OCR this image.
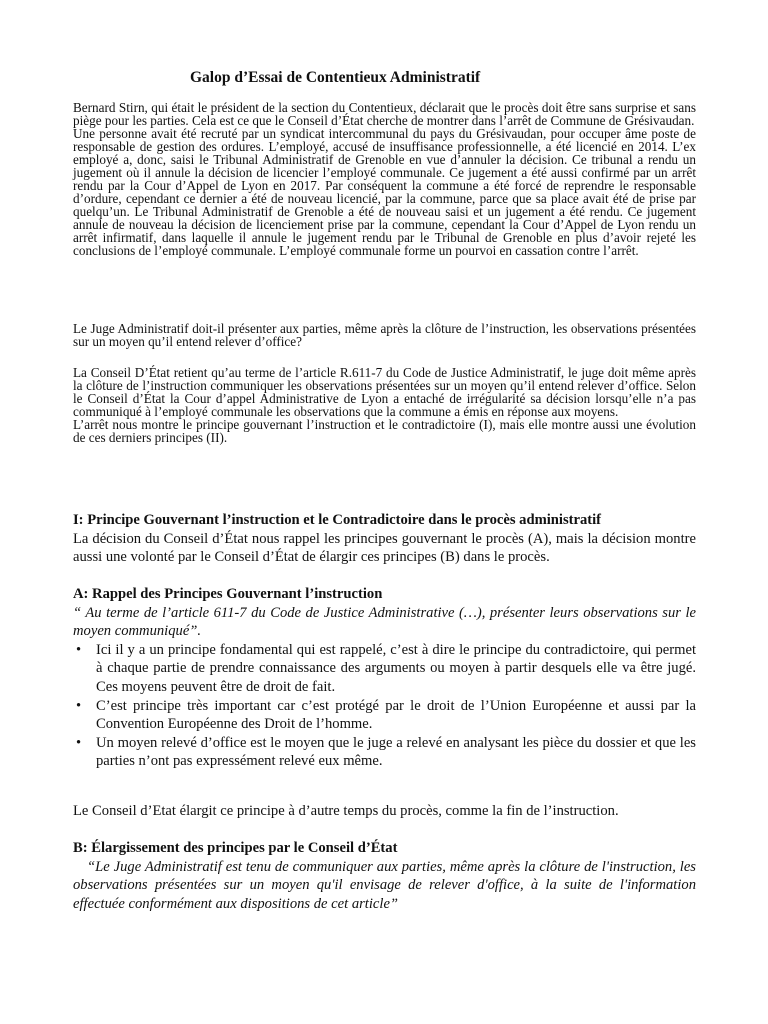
Galop d’Essai de Contentieux Administratif

Bernard Stirn, qui était le président de la section du Contentieux, déclarait que le procès doit être sans surprise et sans piège pour les parties. Cela est ce que le Conseil d’État cherche de montrer dans l’arrêt de Commune de Grésivaudan.

Une personne avait été recruté par un syndicat intercommunal du pays du Grésivaudan, pour occuper âme poste de responsable de gestion des ordures. L’employé, accusé de insuffisance professionnelle, a été licencié en 2014. L’ex employé a, donc, saisi le Tribunal Administratif de Grenoble en vue d’annuler la décision. Ce tribunal a rendu un jugement où il annule la décision de licencier l’employé communale. Ce jugement a été aussi confirmé par un arrêt rendu par la Cour d’Appel de Lyon en 2017. Par conséquent la commune a été forcé de reprendre le responsable d’ordure, cependant ce dernier a été de nouveau licencié, par la commune, parce que sa place avait été de prise par quelqu’un. Le Tribunal Administratif de Grenoble a été de nouveau saisi et un jugement a été rendu. Ce jugement annule de nouveau la décision de licenciement prise par la commune, cependant la Cour d’Appel de Lyon rendu un arrêt infirmatif, dans laquelle il annule le jugement rendu par le Tribunal de Grenoble en plus d’avoir rejeté les conclusions de l’employé communale. L’employé communale forme un pourvoi en cassation contre l’arrêt.

Le Juge Administratif doit-il présenter aux parties, même après la clôture de l’instruction, les observations présentées sur un moyen qu’il entend relever d’office?

La Conseil D’État retient qu’au terme de l’article R.611-7 du Code de Justice Administratif, le juge doit même après la clôture de l’instruction communiquer les observations présentées sur un moyen qu’il entend relever d’office. Selon le Conseil d’État la Cour d’appel Administrative de Lyon a entaché de irrégularité sa décision lorsqu’elle n’a pas communiqué à l’employé communale les observations que la commune a émis en réponse aux moyens.

L’arrêt nous montre le principe gouvernant l’instruction et le contradictoire (I), mais elle montre aussi une évolution de ces derniers principes (II).

I: Principe Gouvernant l’instruction et le Contradictoire dans le procès administratif

La décision du Conseil d’État nous rappel les principes gouvernant le procès (A), mais la décision montre aussi une volonté par le Conseil d’État de élargir ces principes (B) dans le procès.

A: Rappel des Principes Gouvernant l’instruction

“ Au terme de l’article 611-7 du Code de Justice Administrative (…), présenter leurs observations sur le moyen communiqué”.

• Ici il y a un principe fondamental qui est rappelé, c’est à dire le principe du contradictoire, qui permet à chaque partie de prendre connaissance des arguments ou moyen à partir desquels elle va être jugé. Ces moyens peuvent être de droit de fait.
• C’est principe très important car c’est protégé par le droit de l’Union Européenne et aussi par la Convention Européenne des Droit de l’homme.
• Un moyen relevé d’office est le moyen que le juge a relevé en analysant les pièce du dossier et que les parties n’ont pas expressément relevé eux même.
Le Conseil d’Etat élargit ce principe à d’autre temps du procès, comme la fin de l’instruction.

B: Élargissement des principes par le Conseil d’État

“Le Juge Administratif est tenu de communiquer aux parties, même après la clôture de l'instruction, les observations présentées sur un moyen qu'il envisage de relever d'office, à la suite de l'information effectuée conformément aux dispositions de cet article”
